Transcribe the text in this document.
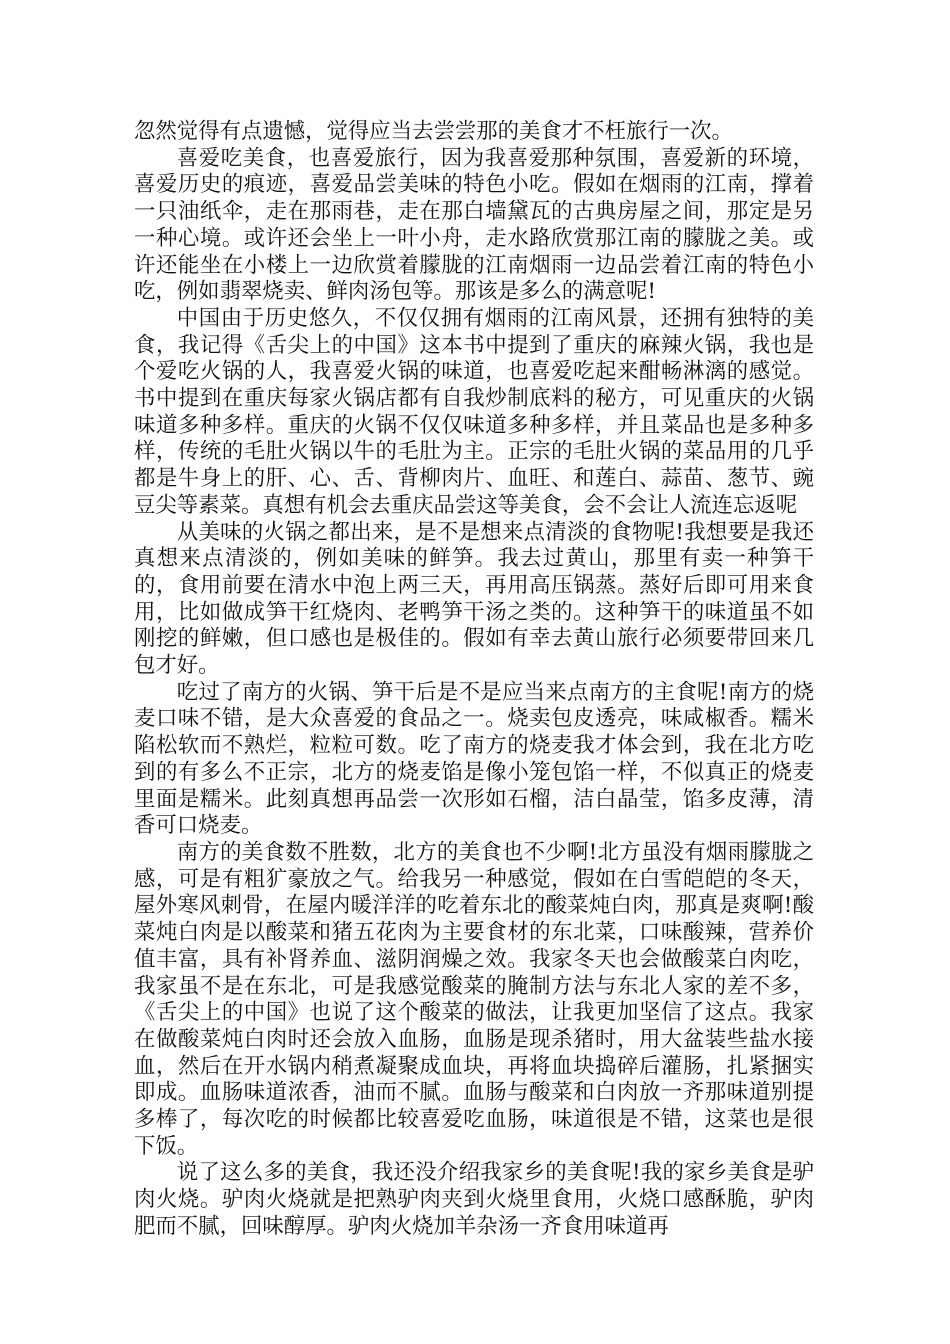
忽然觉得有点遗憾，觉得应当去尝尝那的美食才不枉旅行一次。

喜爱吃美食，也喜爱旅行，因为我喜爱那种氛围，喜爱新的环境，喜爱历史的痕迹，喜爱品尝美味的特色小吃。假如在烟雨的江南，撑着一只油纸伞，走在那雨巷，走在那白墙黛瓦的古典房屋之间，那定是另一种心境。或许还会坐上一叶小舟，走水路欣赏那江南的朦胧之美。或许还能坐在小楼上一边欣赏着朦胧的江南烟雨一边品尝着江南的特色小吃，例如翡翠烧卖、鲜肉汤包等。那该是多么的满意呢!

中国由于历史悠久，不仅仅拥有烟雨的江南风景，还拥有独特的美食，我记得《舌尖上的中国》这本书中提到了重庆的麻辣火锅，我也是个爱吃火锅的人，我喜爱火锅的味道，也喜爱吃起来酣畅淋漓的感觉。书中提到在重庆每家火锅店都有自我炒制底料的秘方，可见重庆的火锅味道多种多样。重庆的火锅不仅仅味道多种多样，并且菜品也是多种多样，传统的毛肚火锅以牛的毛肚为主。正宗的毛肚火锅的菜品用的几乎都是牛身上的肝、心、舌、背柳肉片、血旺、和莲白、蒜苗、葱节、豌豆尖等素菜。真想有机会去重庆品尝这等美食，会不会让人流连忘返呢

从美味的火锅之都出来，是不是想来点清淡的食物呢!我想要是我还真想来点清淡的，例如美味的鲜笋。我去过黄山，那里有卖一种笋干的，食用前要在清水中泡上两三天，再用高压锅蒸。蒸好后即可用来食用，比如做成笋干红烧肉、老鸭笋干汤之类的。这种笋干的味道虽不如刚挖的鲜嫩，但口感也是极佳的。假如有幸去黄山旅行必须要带回来几包才好。

吃过了南方的火锅、笋干后是不是应当来点南方的主食呢!南方的烧麦口味不错，是大众喜爱的食品之一。烧卖包皮透亮，味咸椒香。糯米陷松软而不熟烂，粒粒可数。吃了南方的烧麦我才体会到，我在北方吃到的有多么不正宗，北方的烧麦馅是像小笼包馅一样，不似真正的烧麦里面是糯米。此刻真想再品尝一次形如石榴，洁白晶莹，馅多皮薄，清香可口烧麦。

南方的美食数不胜数，北方的美食也不少啊!北方虽没有烟雨朦胧之感，可是有粗犷豪放之气。给我另一种感觉，假如在白雪皑皑的冬天，屋外寒风刺骨，在屋内暖洋洋的吃着东北的酸菜炖白肉，那真是爽啊!酸菜炖白肉是以酸菜和猪五花肉为主要食材的东北菜，口味酸辣，营养价值丰富，具有补肾养血、滋阴润燥之效。我家冬天也会做酸菜白肉吃，我家虽不是在东北，可是我感觉酸菜的腌制方法与东北人家的差不多，《舌尖上的中国》也说了这个酸菜的做法，让我更加坚信了这点。我家在做酸菜炖白肉时还会放入血肠，血肠是现杀猪时，用大盆装些盐水接血，然后在开水锅内稍煮凝聚成血块，再将血块捣碎后灌肠，扎紧捆实即成。血肠味道浓香，油而不腻。血肠与酸菜和白肉放一齐那味道别提多棒了，每次吃的时候都比较喜爱吃血肠，味道很是不错，这菜也是很下饭。

说了这么多的美食，我还没介绍我家乡的美食呢!我的家乡美食是驴肉火烧。驴肉火烧就是把熟驴肉夹到火烧里食用，火烧口感酥脆，驴肉肥而不腻，回味醇厚。驴肉火烧加羊杂汤一齐食用味道再
